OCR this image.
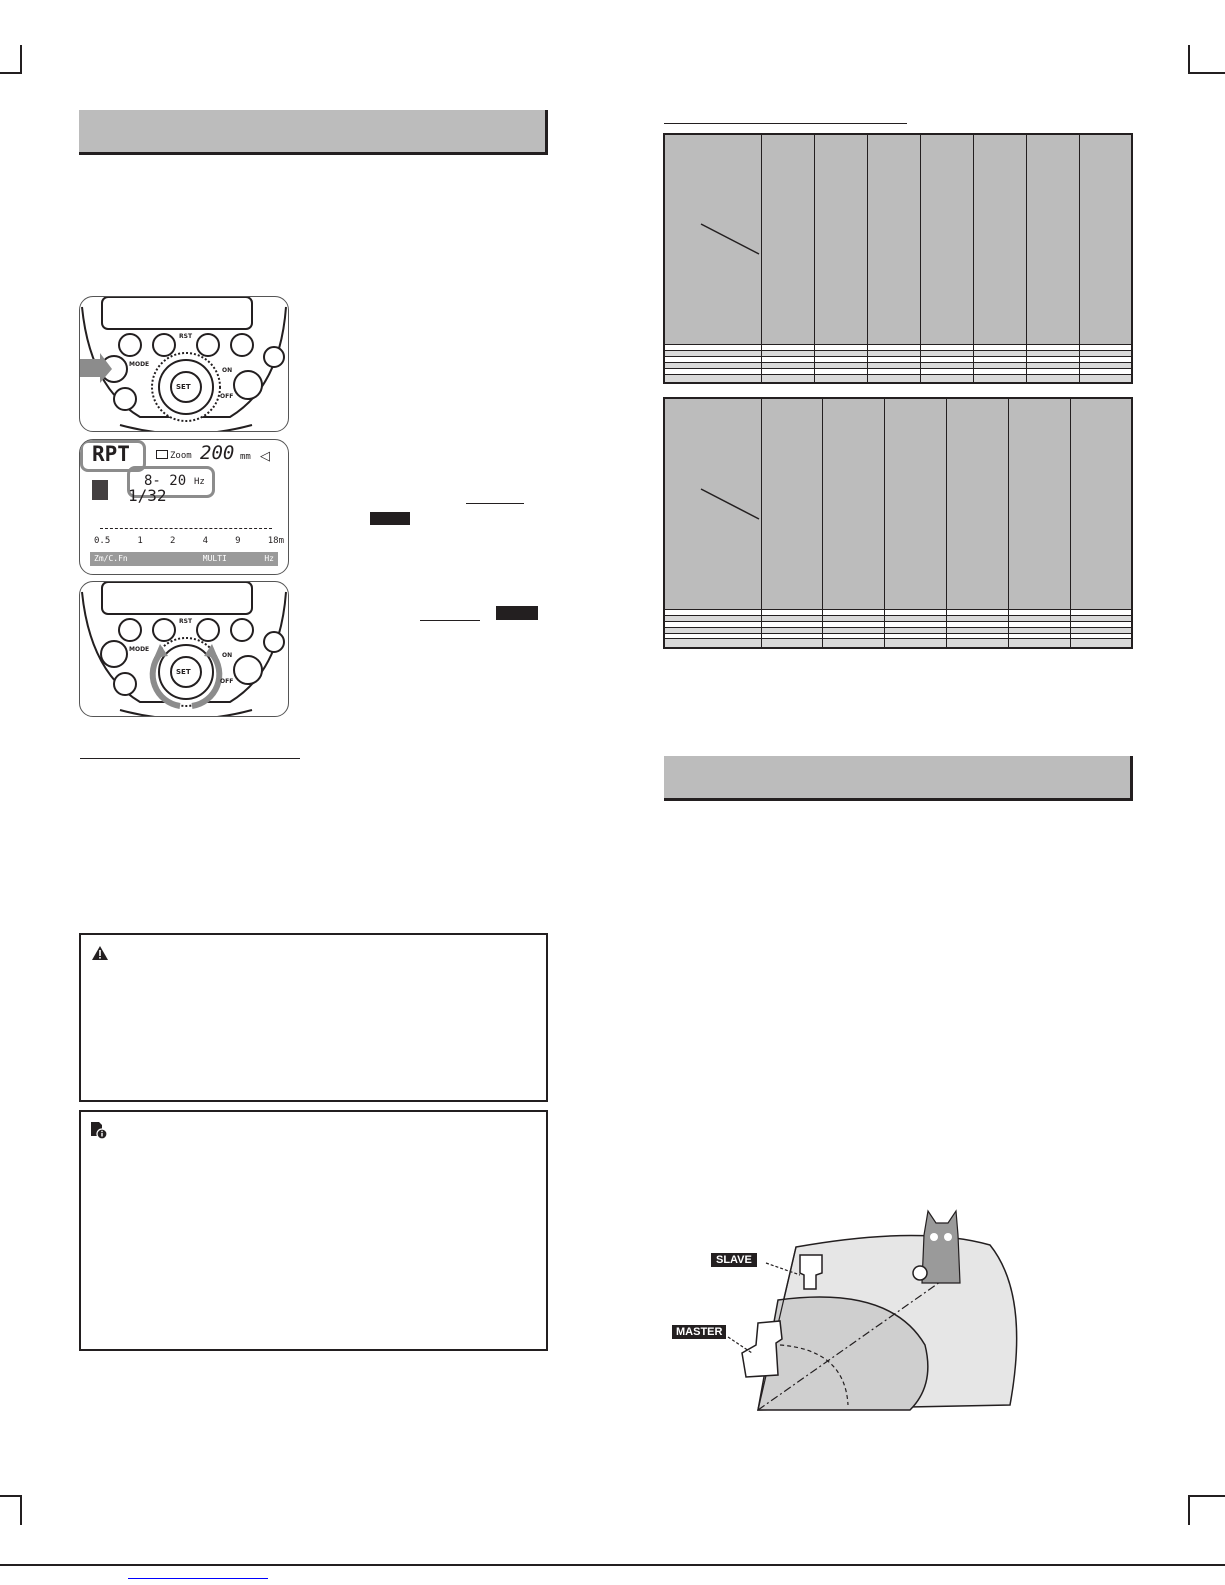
RST
MODE
SET
ON
OFF
RPT
8- 20 Hz
Zoom 200 mm ◁
1/32
0.5	1	2	4	9	18m
Zm/C.Fn	MULTI	Hz
RST
MODE
SET
ON
OFF

SLAVE
MASTER
